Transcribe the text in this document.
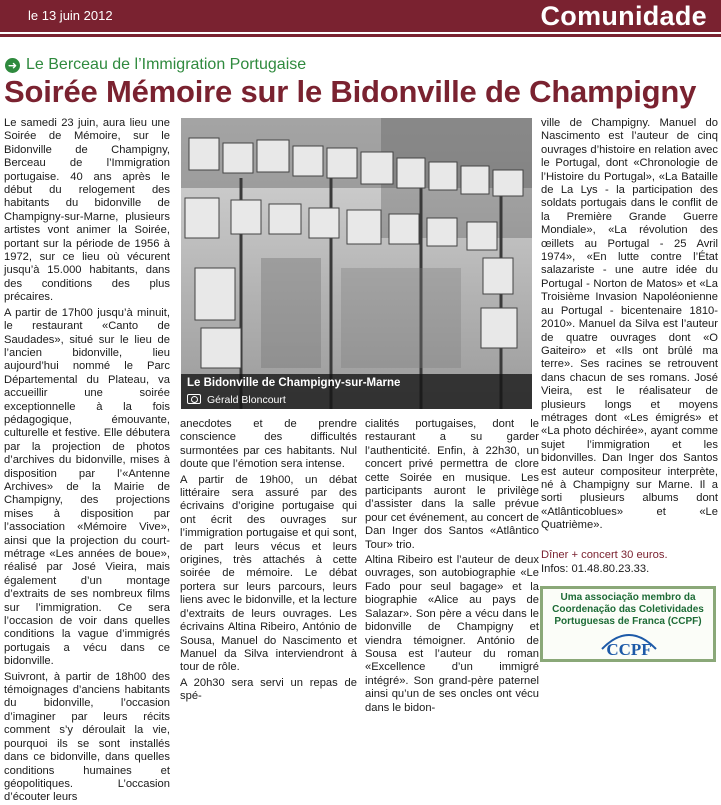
le 13 juin 2012	Comunidade
➜ Le Berceau de l’Immigration Portugaise
Soirée Mémoire sur le Bidonville de Champigny

Le samedi 23 juin, aura lieu une Soirée de Mémoire, sur le Bidonville de Champigny, Berceau de l’Immigration portugaise. 40 ans après le début du relogement des habitants du bidonville de Champigny-sur-Marne, plusieurs artistes vont animer la Soirée, portant sur la période de 1956 à 1972, sur ce lieu où vécurent jusqu’à 15.000 habitants, dans des conditions des plus précaires.

A partir de 17h00 jusqu’à minuit, le restaurant «Canto de Saudades», situé sur le lieu de l’ancien bidonville, lieu aujourd’hui nommé le Parc Départemental du Plateau, va accueillir une soirée exceptionnelle à la fois pédagogique, émouvante, culturelle et festive. Elle débutera par la projection de photos d’archives du bidonville, mises à disposition par l’«Antenne Archives» de la Mairie de Champigny, des projections mises à disposition par l’association «Mémoire Vive», ainsi que la projection du court-métrage «Les années de boue», réalisé par José Vieira, mais également d’un montage d’extraits de ses nombreux films sur l’immigration. Ce sera l’occasion de voir dans quelles conditions la vague d’immigrés portugais a vécu dans ce bidonville.

Suivront, à partir de 18h00 des témoignages d’anciens habitants du bidonville, l’occasion d’imaginer par leurs récits comment s’y déroulait la vie, pourquoi ils se sont installés dans ce bidonville, dans quelles conditions humaines et géopolitiques. L’occasion d’écouter leurs

Le Bidonville de Champigny-sur-Marne
Gérald Bloncourt

anecdotes et de prendre conscience des difficultés surmontées par ces habitants. Nul doute que l’émotion sera intense.

A partir de 19h00, un débat littéraire sera assuré par des écrivains d’origine portugaise qui ont écrit des ouvrages sur l’immigration portugaise et qui sont, de part leurs vécus et leurs origines, très attachés à cette soirée de mémoire. Le débat portera sur leurs parcours, leurs liens avec le bidonville, et la lecture d’extraits de leurs ouvrages. Les écrivains Altina Ribeiro, António de Sousa, Manuel do Nascimento et Manuel da Silva interviendront à tour de rôle.

A 20h30 sera servi un repas de spé-

cialités portugaises, dont le restaurant a su garder l’authenticité. Enfin, à 22h30, un concert privé permettra de clore cette Soirée en musique. Les participants auront le privilège d’assister dans la salle prévue pour cet événement, au concert de Dan Inger dos Santos «Atlântico Tour» trio.

Altina Ribeiro est l’auteur de deux ouvrages, son autobiographie «Le Fado pour seul bagage» et la biographie «Alice au pays de Salazar». Son père a vécu dans le bidonville de Champigny et viendra témoigner. António de Sousa est l’auteur du roman «Excellence d’un immigré intégré». Son grand-père paternel ainsi qu’un de ses oncles ont vécu dans le bidon-

ville de Champigny. Manuel do Nascimento est l’auteur de cinq ouvrages d’histoire en relation avec le Portugal, dont «Chronologie de l’Histoire du Portugal», «La Bataille de La Lys - la participation des soldats portugais dans le conflit de la Première Grande Guerre Mondiale», «La révolution des œillets au Portugal - 25 Avril 1974», «En lutte contre l’État salazariste - une autre idée du Portugal - Norton de Matos» et «La Troisième Invasion Napoléonienne au Portugal - bicentenaire 1810-2010». Manuel da Silva est l’auteur de quatre ouvrages dont «O Gaiteiro» et «Ils ont brûlé ma terre». Ses racines se retrouvent dans chacun de ses romans. José Vieira, est le réalisateur de plusieurs longs et moyens métrages dont «Les émigrés» et «La photo déchirée», ayant comme sujet l’immigration et les bidonvilles. Dan Inger dos Santos est auteur compositeur interprète, né à Champigny sur Marne. Il a sorti plusieurs albums dont «Atlânticoblues» et «Le Quatrième».

Dîner + concert 30 euros.
Infos: 01.48.80.23.33.
Uma associação membro da
Coordenação das Coletividades
Portuguesas de Franca (CCPF)
CCPF
